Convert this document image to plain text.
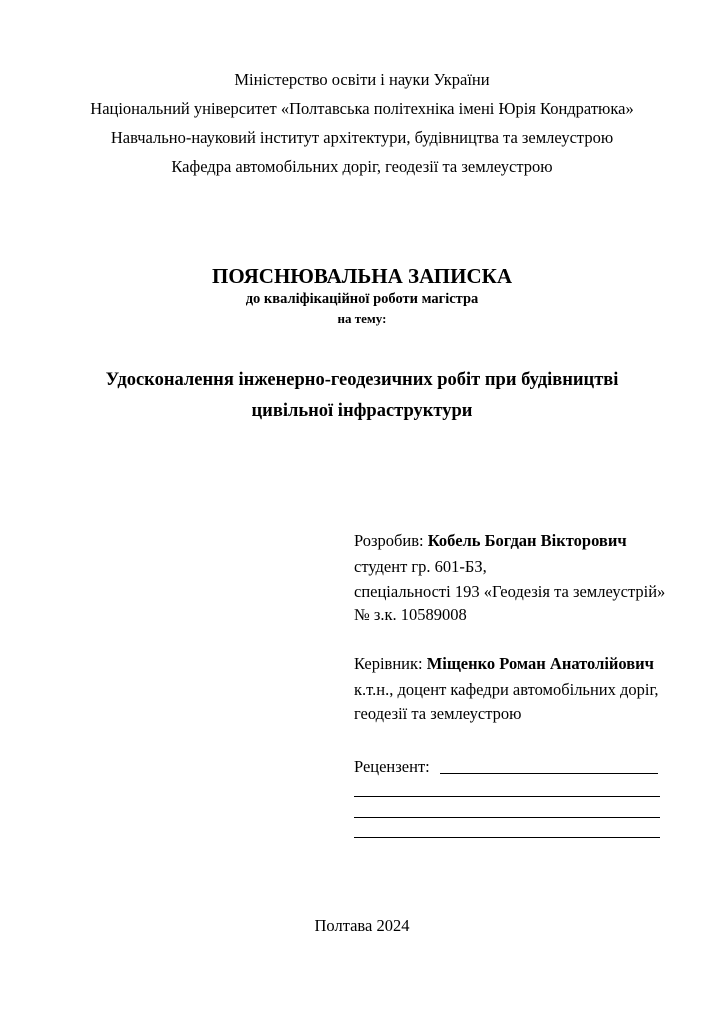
Міністерство освіти і науки України
Національний університет «Полтавська політехніка імені Юрія Кондратюка»
Навчально-науковий інститут архітектури, будівництва та землеустрою
Кафедра автомобільних доріг, геодезії та землеустрою
ПОЯСНЮВАЛЬНА ЗАПИСКА
до кваліфікаційної роботи магістра
на тему:
Удосконалення інженерно-геодезичних робіт при будівництві
цивільної інфраструктури
Розробив: Кобель Богдан Вікторович
студент гр. 601-БЗ,
спеціальності 193 «Геодезія та землеустрій»
№ з.к. 10589008
Керівник: Міщенко Роман Анатолійович
к.т.н., доцент кафедри автомобільних доріг,
геодезії та землеустрою
Рецензент:
Полтава 2024
